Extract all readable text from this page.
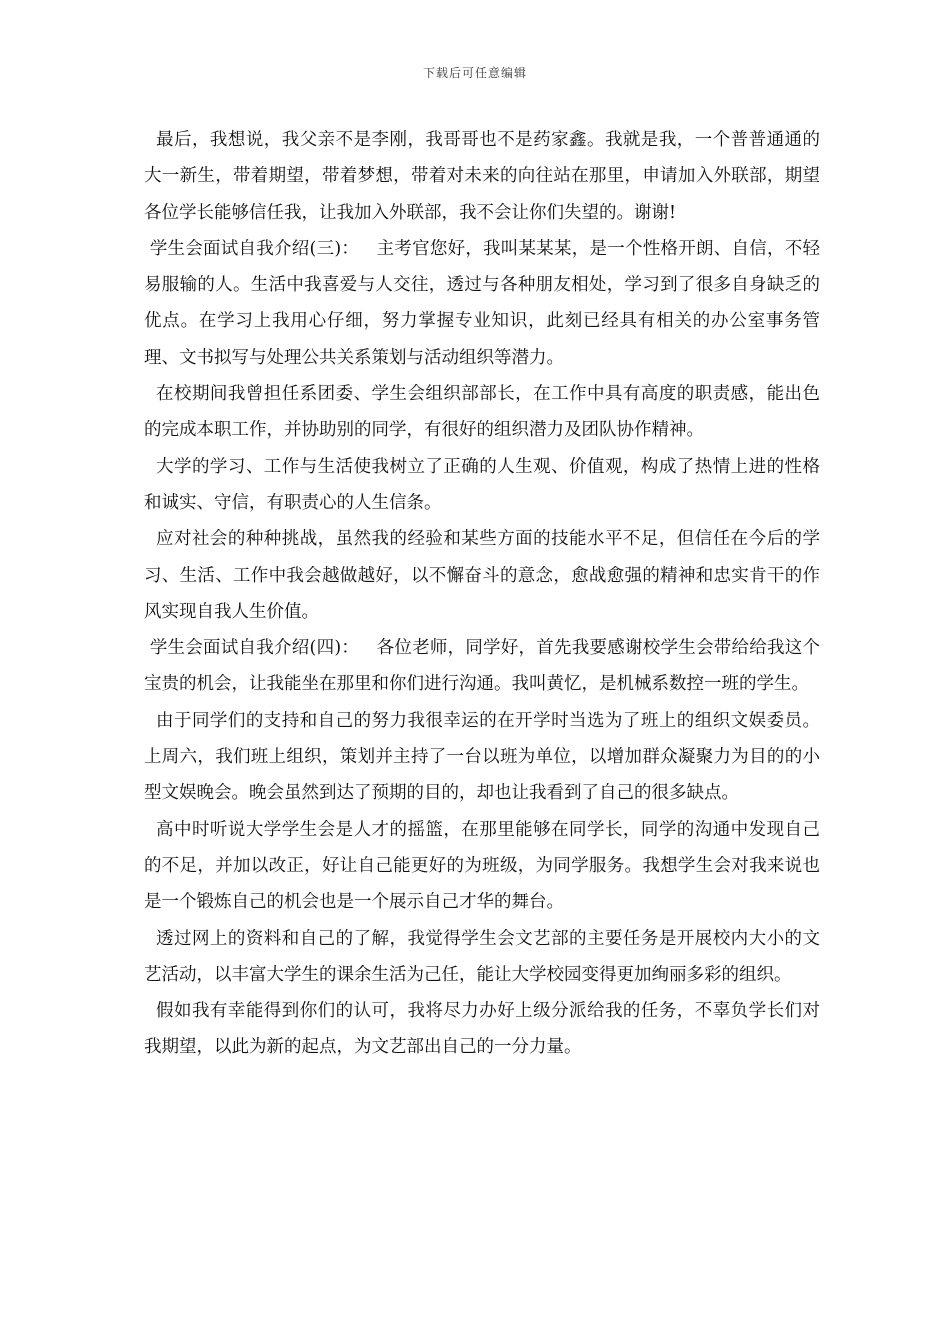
下载后可任意编辑

最后，我想说，我父亲不是李刚，我哥哥也不是药家鑫。我就是我，一个普普通通的大一新生，带着期望，带着梦想，带着对未来的向往站在那里，申请加入外联部，期望各位学长能够信任我，让我加入外联部，我不会让你们失望的。谢谢!

学生会面试自我介绍(三)：   主考官您好，我叫某某某，是一个性格开朗、自信，不轻易服输的人。生活中我喜爱与人交往，透过与各种朋友相处，学习到了很多自身缺乏的优点。在学习上我用心仔细，努力掌握专业知识，此刻已经具有相关的办公室事务管理、文书拟写与处理公共关系策划与活动组织等潜力。

在校期间我曾担任系团委、学生会组织部部长，在工作中具有高度的职责感，能出色的完成本职工作，并协助别的同学，有很好的组织潜力及团队协作精神。

大学的学习、工作与生活使我树立了正确的人生观、价值观，构成了热情上进的性格和诚实、守信，有职责心的人生信条。

应对社会的种种挑战，虽然我的经验和某些方面的技能水平不足，但信任在今后的学习、生活、工作中我会越做越好，以不懈奋斗的意念，愈战愈强的精神和忠实肯干的作风实现自我人生价值。

学生会面试自我介绍(四)：   各位老师，同学好，首先我要感谢校学生会带给给我这个宝贵的机会，让我能坐在那里和你们进行沟通。我叫黄忆，是机械系数控一班的学生。

由于同学们的支持和自己的努力我很幸运的在开学时当选为了班上的组织文娱委员。上周六，我们班上组织，策划并主持了一台以班为单位，以增加群众凝聚力为目的的小型文娱晚会。晚会虽然到达了预期的目的，却也让我看到了自己的很多缺点。

高中时听说大学学生会是人才的摇篮，在那里能够在同学长，同学的沟通中发现自己的不足，并加以改正，好让自己能更好的为班级，为同学服务。我想学生会对我来说也是一个锻炼自己的机会也是一个展示自己才华的舞台。

透过网上的资料和自己的了解，我觉得学生会文艺部的主要任务是开展校内大小的文艺活动，以丰富大学生的课余生活为己任，能让大学校园变得更加绚丽多彩的组织。

假如我有幸能得到你们的认可，我将尽力办好上级分派给我的任务，不辜负学长们对我期望，以此为新的起点，为文艺部出自己的一分力量。
